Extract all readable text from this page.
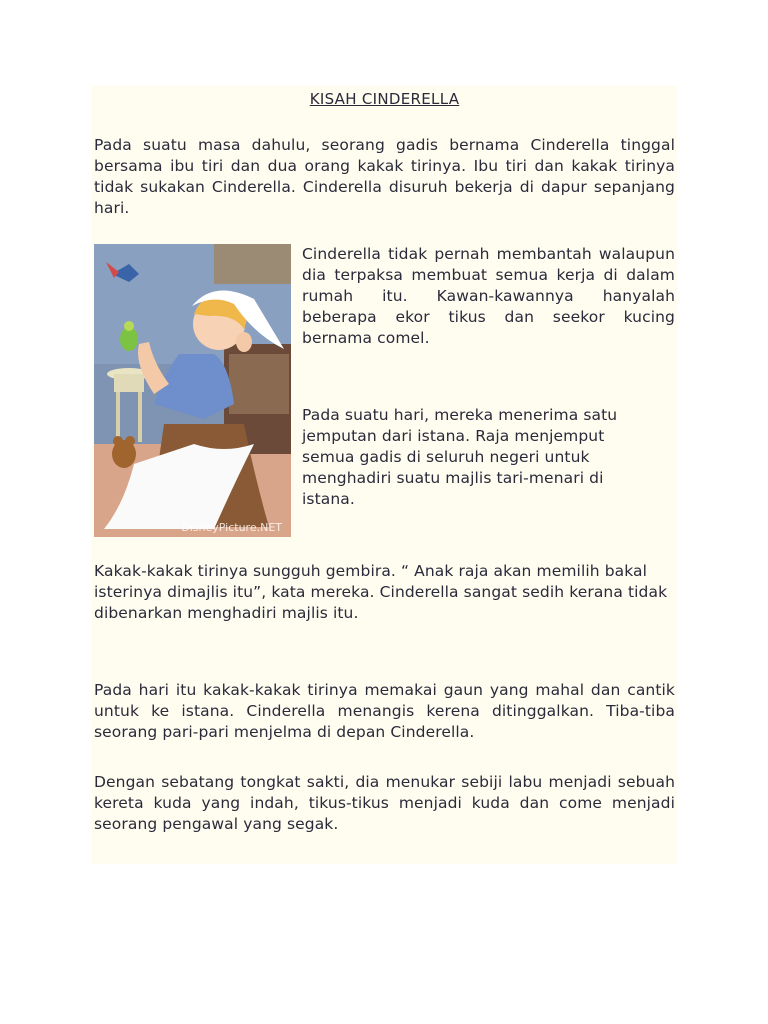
KISAH CINDERELLA

Pada suatu masa dahulu, seorang gadis bernama Cinderella tinggal bersama ibu tiri dan dua orang kakak tirinya. Ibu tiri dan kakak tirinya tidak sukakan Cinderella. Cinderella disuruh bekerja di dapur sepanjang hari.

DisneyPicture.NET

Cinderella tidak pernah membantah walaupun dia terpaksa membuat semua kerja di dalam rumah itu. Kawan-kawannya hanyalah beberapa ekor tikus dan seekor kucing bernama comel.

Pada suatu hari, mereka menerima satu jemputan dari istana. Raja menjemput semua gadis di seluruh negeri untuk menghadiri suatu majlis tari-menari di istana.

Kakak-kakak tirinya sungguh gembira. “ Anak raja akan memilih bakal isterinya dimajlis itu”, kata mereka. Cinderella sangat sedih kerana tidak dibenarkan menghadiri majlis itu.

Pada hari itu kakak-kakak tirinya memakai gaun yang mahal dan cantik untuk ke istana. Cinderella menangis kerena ditinggalkan. Tiba-tiba seorang pari-pari menjelma di depan Cinderella.

Dengan sebatang tongkat sakti, dia menukar sebiji labu menjadi sebuah kereta kuda yang indah, tikus-tikus menjadi kuda dan come menjadi seorang pengawal yang segak.
